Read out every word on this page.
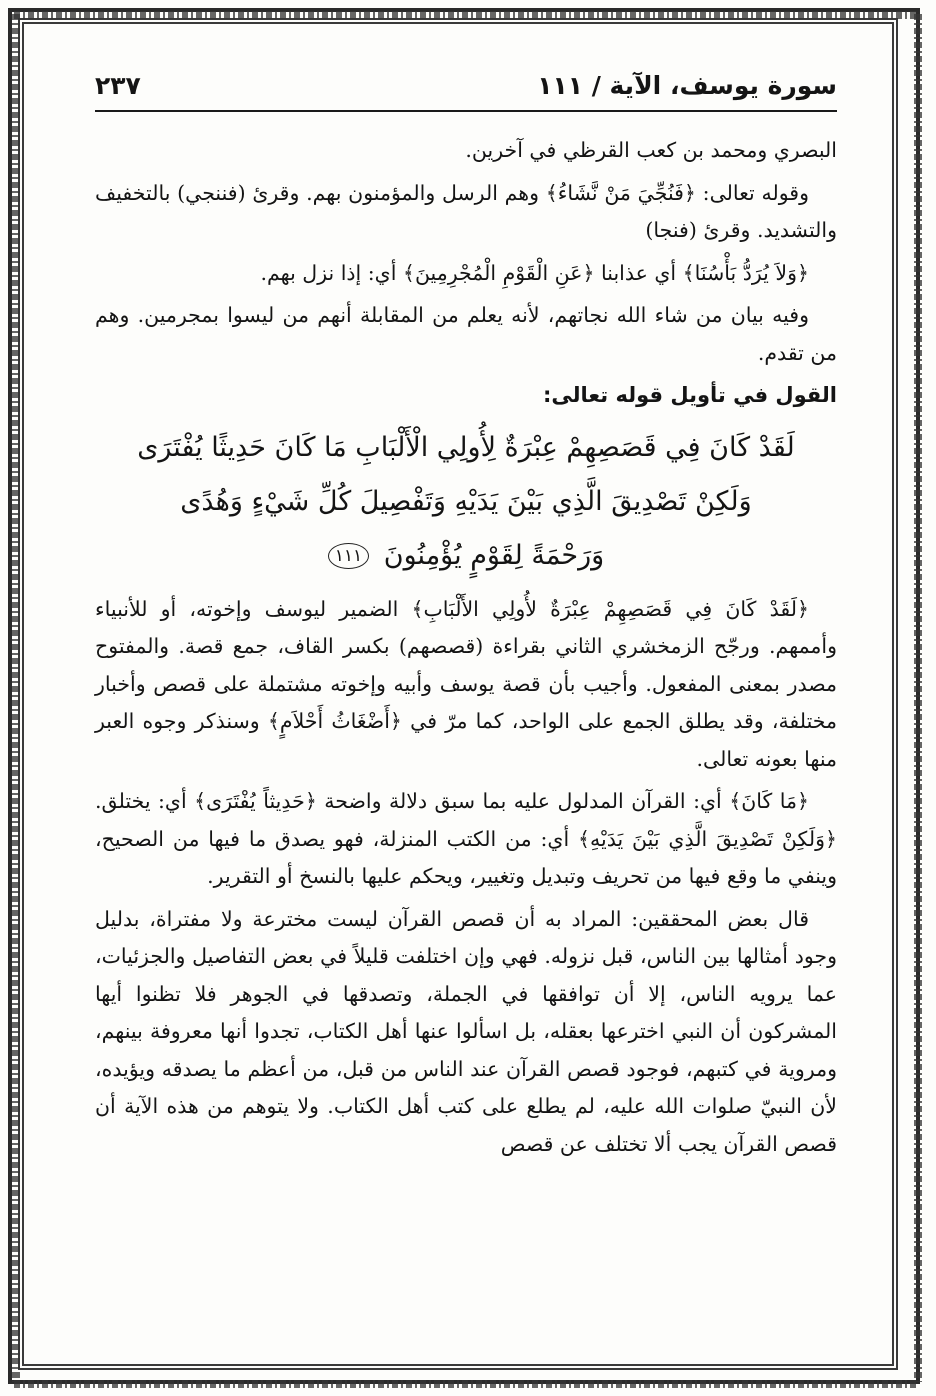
سورة يوسف، الآية / ١١١
٢٣٧

البصري ومحمد بن كعب القرظي في آخرين.

وقوله تعالى: ﴿فَنُجِّيَ مَنْ نَّشَاءُ﴾ وهم الرسل والمؤمنون بهم. وقرئ (فننجي) بالتخفيف والتشديد. وقرئ (فنجا)

﴿وَلاَ يُرَدُّ بَأْسُنَا﴾ أي عذابنا ﴿عَنِ الْقَوْمِ الْمُجْرِمِينَ﴾ أي: إذا نزل بهم.

وفيه بيان من شاء الله نجاتهم، لأنه يعلم من المقابلة أنهم من ليسوا بمجرمين. وهم من تقدم.

القول في تأويل قوله تعالى:

لَقَدْ كَانَ فِي قَصَصِهِمْ عِبْرَةٌ لِأُولِي الْأَلْبَابِ مَا كَانَ حَدِيثًا يُفْتَرَى
وَلَكِنْ تَصْدِيقَ الَّذِي بَيْنَ يَدَيْهِ وَتَفْصِيلَ كُلِّ شَيْءٍ وَهُدًى
وَرَحْمَةً لِقَوْمٍ يُؤْمِنُونَ ١١١

﴿لَقَدْ كَانَ فِي قَصَصِهِمْ عِبْرَةٌ لأُولِي الأَلْبَابِ﴾ الضمير ليوسف وإخوته، أو للأنبياء وأممهم. ورجّح الزمخشري الثاني بقراءة (قصصهم) بكسر القاف، جمع قصة. والمفتوح مصدر بمعنى المفعول. وأجيب بأن قصة يوسف وأبيه وإخوته مشتملة على قصص وأخبار مختلفة، وقد يطلق الجمع على الواحد، كما مرّ في ﴿أَضْغَاثُ أَحْلاَمٍ﴾ وسنذكر وجوه العبر منها بعونه تعالى.

﴿مَا كَانَ﴾ أي: القرآن المدلول عليه بما سبق دلالة واضحة ﴿حَدِيثاً يُفْتَرَى﴾ أي: يختلق. ﴿وَلَكِنْ تَصْدِيقَ الَّذِي بَيْنَ يَدَيْهِ﴾ أي: من الكتب المنزلة، فهو يصدق ما فيها من الصحيح، وينفي ما وقع فيها من تحريف وتبديل وتغيير، ويحكم عليها بالنسخ أو التقرير.

قال بعض المحققين: المراد به أن قصص القرآن ليست مخترعة ولا مفتراة، بدليل وجود أمثالها بين الناس، قبل نزوله. فهي وإن اختلفت قليلاً في بعض التفاصيل والجزئيات، عما يرويه الناس، إلا أن توافقها في الجملة، وتصدقها في الجوهر فلا تظنوا أيها المشركون أن النبي اخترعها بعقله، بل اسألوا عنها أهل الكتاب، تجدوا أنها معروفة بينهم، ومروية في كتبهم، فوجود قصص القرآن عند الناس من قبل، من أعظم ما يصدقه ويؤيده، لأن النبيّ صلوات الله عليه، لم يطلع على كتب أهل الكتاب. ولا يتوهم من هذه الآية أن قصص القرآن يجب ألا تختلف عن قصص
